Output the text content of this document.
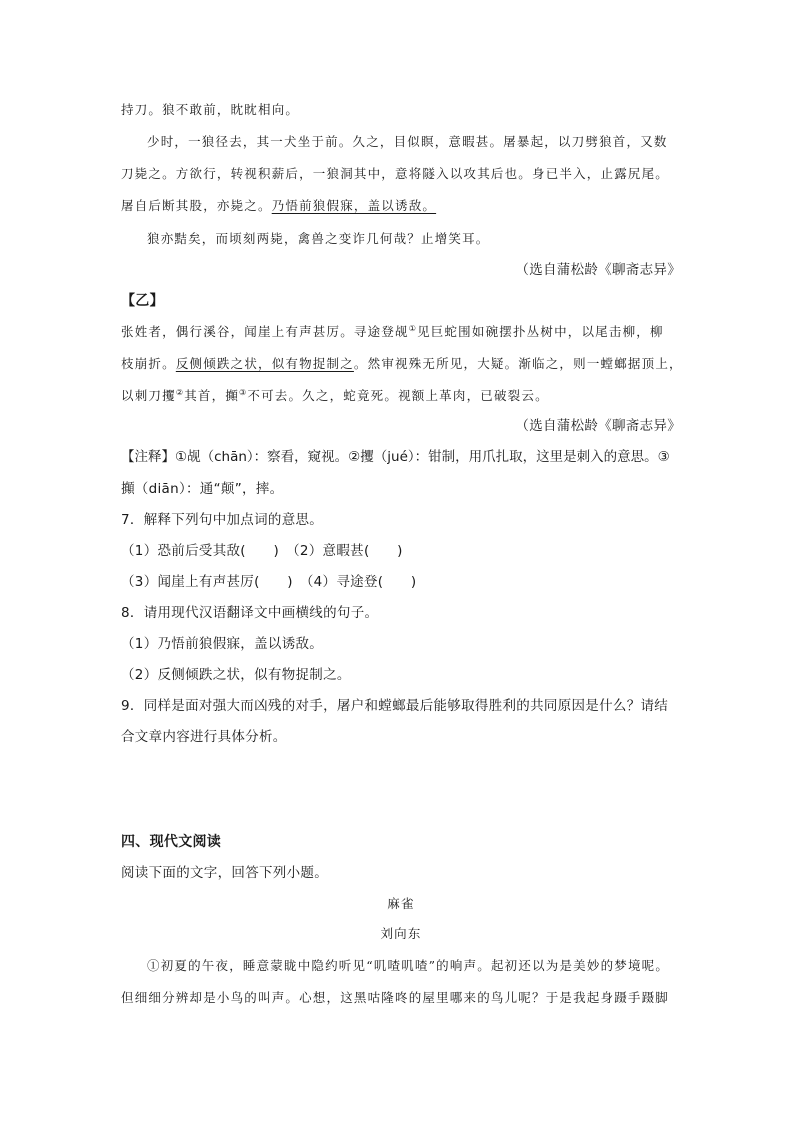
持刀。狼不敢前，眈眈相向。
少时，一狼径去，其一犬坐于前。久之，目似瞑，意暇甚。屠暴起，以刀劈狼首，又数
刀毙之。方欲行，转视积薪后，一狼洞其中，意将隧入以攻其后也。身已半入，止露尻尾。
屠自后断其股，亦毙之。乃悟前狼假寐，盖以诱敌。
狼亦黠矣，而顷刻两毙，禽兽之变诈几何哉？止增笑耳。
（选自蒲松龄《聊斋志异》
【乙】
张姓者，偶行溪谷，闻崖上有声甚厉。寻途登觇①见巨蛇围如碗摆扑丛树中，以尾击柳，柳
枝崩折。反侧倾跌之状，似有物捉制之。然审视殊无所见，大疑。渐临之，则一螳螂据顶上，
以刺刀攫②其首，攧③不可去。久之，蛇竟死。视额上革肉，已破裂云。
（选自蒲松龄《聊斋志异》
【注释】①觇（chān）：察看，窥视。②攫（jué）：钳制，用爪扎取，这里是刺入的意思。③
攧（diān）：通“颠”，摔。
7．解释下列句中加点词的意思。
（1）恐前后受其敌(　　)　（2）意暇甚(　　)
（3）闻崖上有声甚厉(　　)　（4）寻途登(　　)
8．请用现代汉语翻译文中画横线的句子。
（1）乃悟前狼假寐，盖以诱敌。
（2）反侧倾跌之状，似有物捉制之。
9．同样是面对强大而凶残的对手，屠户和螳螂最后能够取得胜利的共同原因是什么？请结
合文章内容进行具体分析。
四、现代文阅读
阅读下面的文字，回答下列小题。
麻雀
刘向东
①初夏的午夜，睡意蒙眬中隐约听见“叽喳叽喳”的响声。起初还以为是美妙的梦境呢。
但细细分辨却是小鸟的叫声。心想，这黑咕隆咚的屋里哪来的鸟儿呢？于是我起身蹑手蹑脚
